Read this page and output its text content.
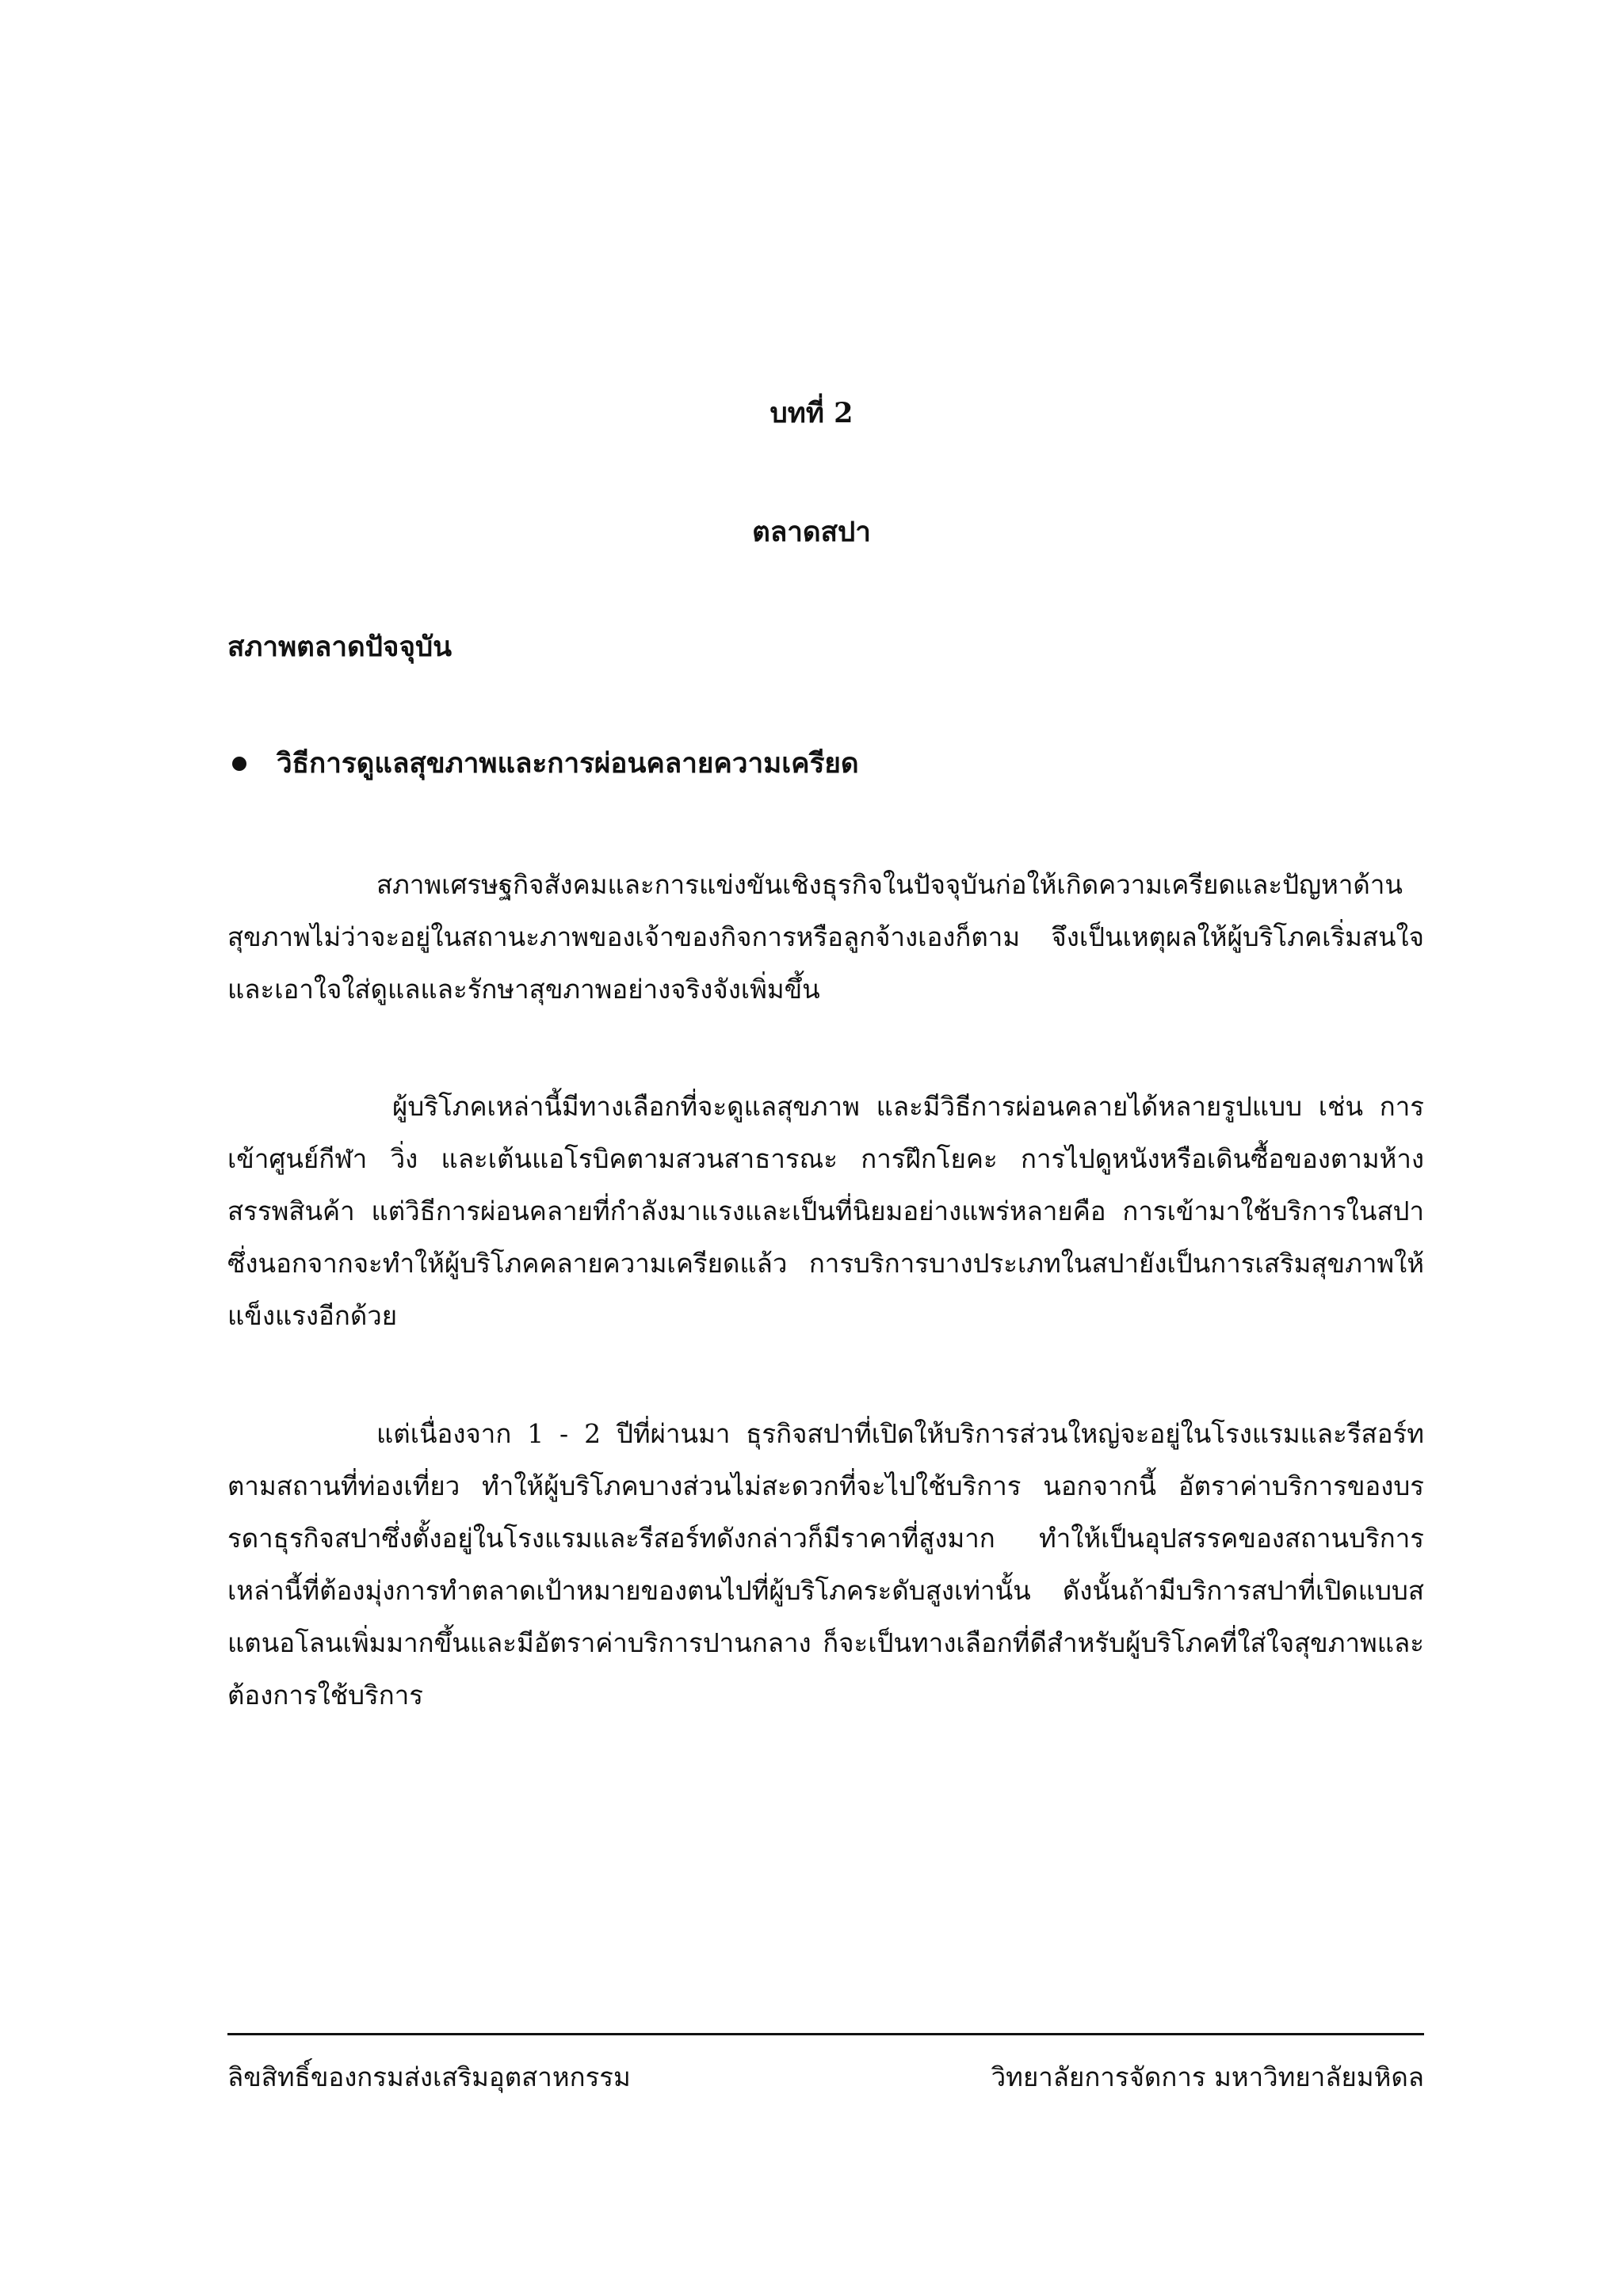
บทที่ 2
ตลาดสปา
สภาพตลาดปัจจุบัน
วิธีการดูแลสุขภาพและการผ่อนคลายความเครียด

สภาพเศรษฐกิจสังคมและการแข่งขันเชิงธุรกิจในปัจจุบันก่อให้เกิดความเครียดและปัญหาด้านสุขภาพไม่ว่าจะอยู่ในสถานะภาพของเจ้าของกิจการหรือลูกจ้างเองก็ตาม จึงเป็นเหตุผลให้ผู้บริโภคเริ่มสนใจและเอาใจใส่ดูแลและรักษาสุขภาพอย่างจริงจังเพิ่มขึ้น

ผู้บริโภคเหล่านี้มีทางเลือกที่จะดูแลสุขภาพ และมีวิธีการผ่อนคลายได้หลายรูปแบบ เช่น การเข้าศูนย์กีฬา วิ่ง และเต้นแอโรบิคตามสวนสาธารณะ การฝึกโยคะ การไปดูหนังหรือเดินซื้อของตามห้างสรรพสินค้า แต่วิธีการผ่อนคลายที่กำลังมาแรงและเป็นที่นิยมอย่างแพร่หลายคือ การเข้ามาใช้บริการในสปา ซึ่งนอกจากจะทำให้ผู้บริโภคคลายความเครียดแล้ว การบริการบางประเภทในสปายังเป็นการเสริมสุขภาพให้แข็งแรงอีกด้วย

แต่เนื่องจาก 1 - 2 ปีที่ผ่านมา ธุรกิจสปาที่เปิดให้บริการส่วนใหญ่จะอยู่ในโรงแรมและรีสอร์ทตามสถานที่ท่องเที่ยว ทำให้ผู้บริโภคบางส่วนไม่สะดวกที่จะไปใช้บริการ นอกจากนี้ อัตราค่าบริการของบรรดาธุรกิจสปาซึ่งตั้งอยู่ในโรงแรมและรีสอร์ทดังกล่าวก็มีราคาที่สูงมาก ทำให้เป็นอุปสรรคของสถานบริการเหล่านี้ที่ต้องมุ่งการทำตลาดเป้าหมายของตนไปที่ผู้บริโภคระดับสูงเท่านั้น ดังนั้นถ้ามีบริการสปาที่เปิดแบบสแตนอโลนเพิ่มมากขึ้นและมีอัตราค่าบริการปานกลาง ก็จะเป็นทางเลือกที่ดีสำหรับผู้บริโภคที่ใส่ใจสุขภาพและต้องการใช้บริการ

ลิขสิทธิ์ของกรมส่งเสริมอุตสาหกรรม	วิทยาลัยการจัดการ มหาวิทยาลัยมหิดล
